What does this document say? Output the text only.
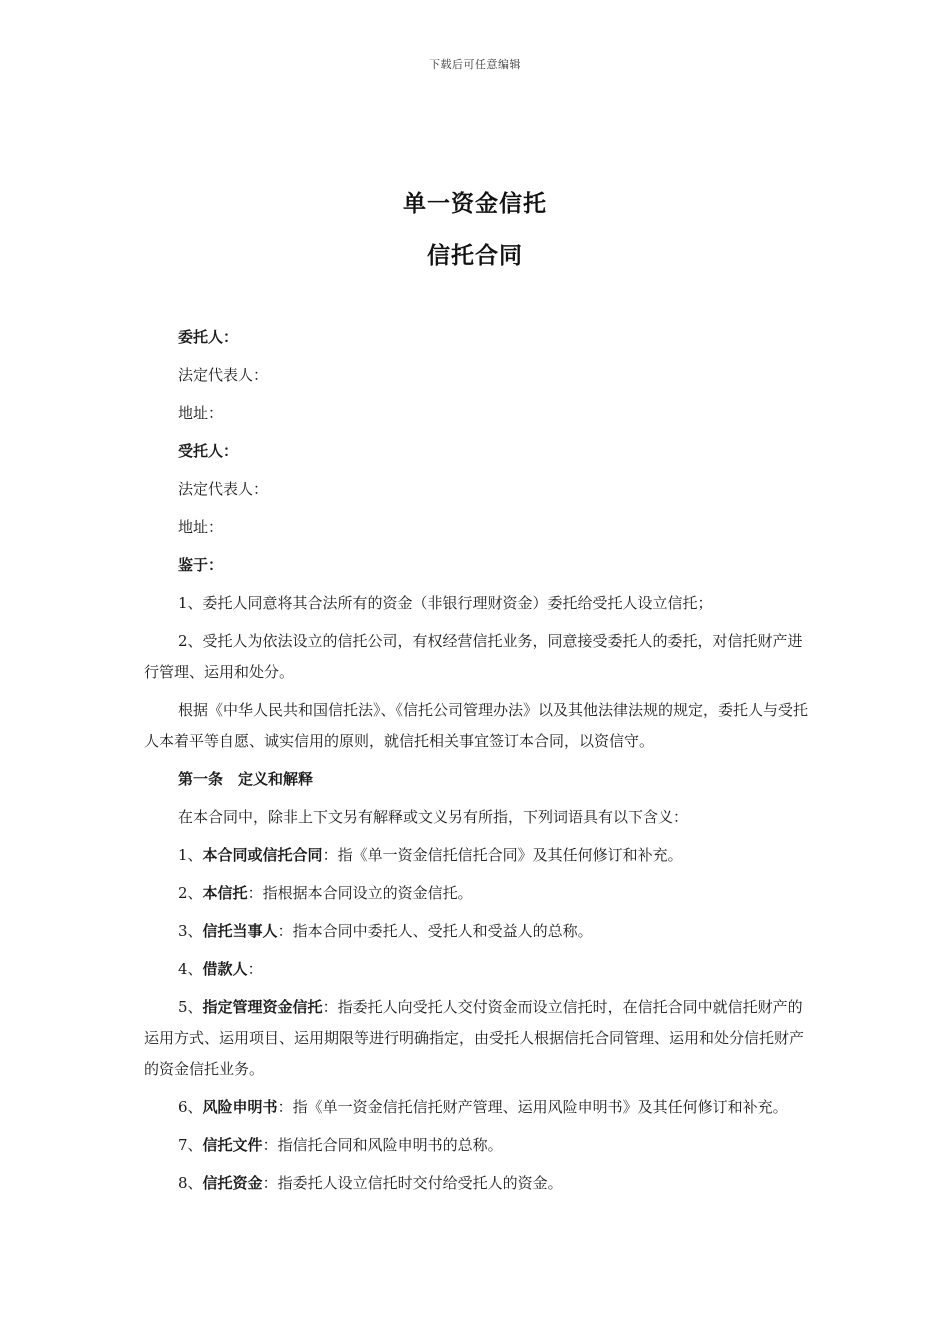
下载后可任意编辑
单一资金信托
信托合同

委托人：

法定代表人：

地址：

受托人：

法定代表人：

地址：

鉴于：

1、委托人同意将其合法所有的资金（非银行理财资金）委托给受托人设立信托；

2、受托人为依法设立的信托公司，有权经营信托业务，同意接受委托人的委托，对信托财产进行管理、运用和处分。

根据《中华人民共和国信托法》、《信托公司管理办法》以及其他法律法规的规定，委托人与受托人本着平等自愿、诚实信用的原则，就信托相关事宜签订本合同，以资信守。

第一条　定义和解释

在本合同中，除非上下文另有解释或文义另有所指，下列词语具有以下含义：

1、本合同或信托合同：指《单一资金信托信托合同》及其任何修订和补充。

2、本信托：指根据本合同设立的资金信托。

3、信托当事人：指本合同中委托人、受托人和受益人的总称。

4、借款人：

5、指定管理资金信托：指委托人向受托人交付资金而设立信托时，在信托合同中就信托财产的运用方式、运用项目、运用期限等进行明确指定，由受托人根据信托合同管理、运用和处分信托财产的资金信托业务。

6、风险申明书：指《单一资金信托信托财产管理、运用风险申明书》及其任何修订和补充。

7、信托文件：指信托合同和风险申明书的总称。

8、信托资金：指委托人设立信托时交付给受托人的资金。
